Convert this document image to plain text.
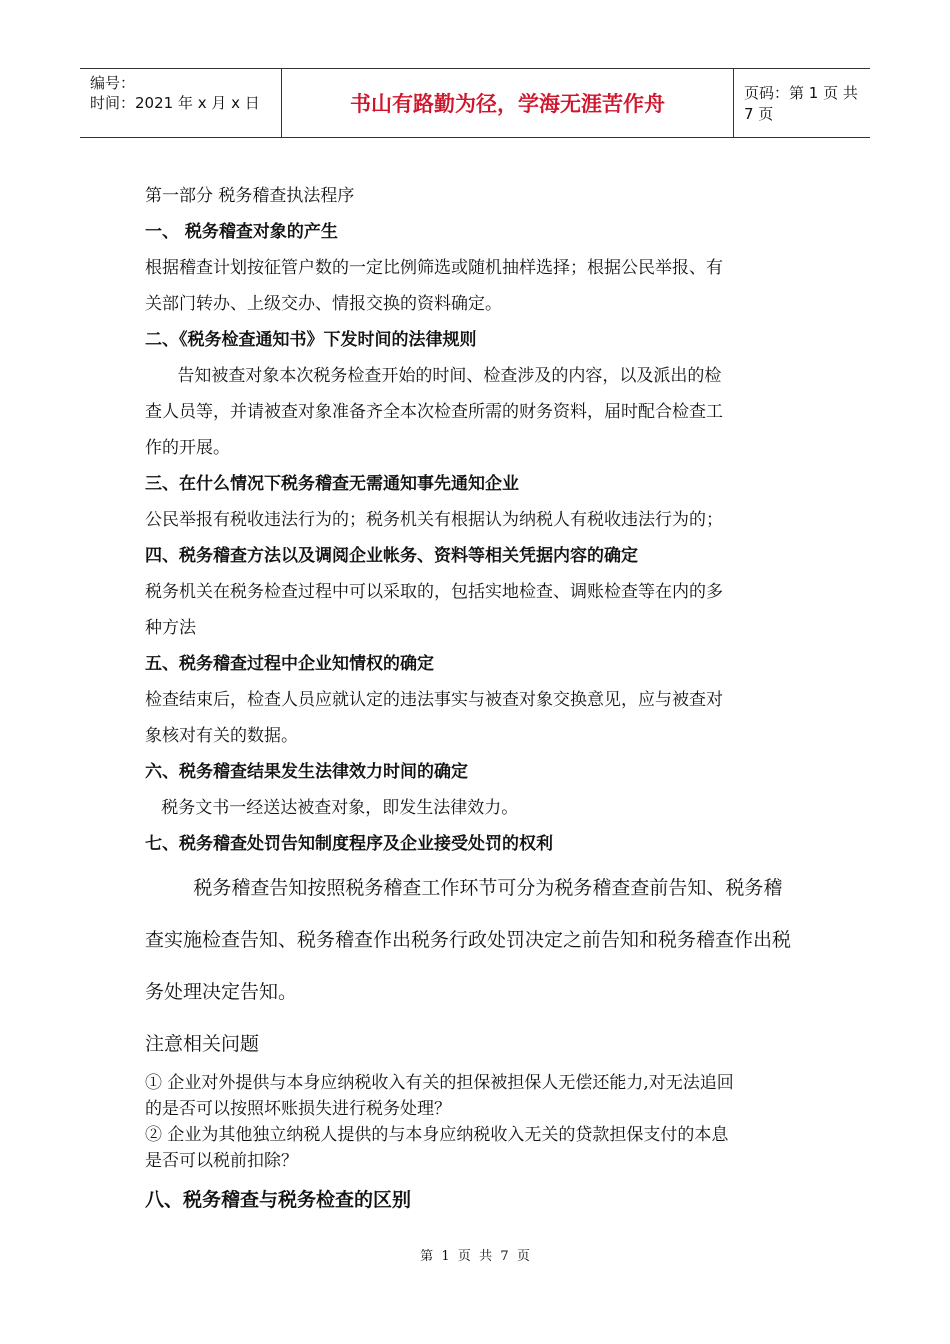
编号：
时间：2021 年 x 月 x 日	书山有路勤为径，学海无涯苦作舟	页码：第 1 页 共 7 页
第一部分 税务稽查执法程序
一、 税务稽查对象的产生
根据稽查计划按征管户数的一定比例筛选或随机抽样选择；根据公民举报、有
关部门转办、上级交办、情报交换的资料确定。
二、《税务检查通知书》下发时间的法律规则
告知被查对象本次税务检查开始的时间、检查涉及的内容，以及派出的检
查人员等，并请被查对象准备齐全本次检查所需的财务资料，届时配合检查工
作的开展。
三、在什么情况下税务稽查无需通知事先通知企业
公民举报有税收违法行为的；税务机关有根据认为纳税人有税收违法行为的；
四、税务稽查方法以及调阅企业帐务、资料等相关凭据内容的确定
税务机关在税务检查过程中可以采取的，包括实地检查、调账检查等在内的多
种方法
五、税务稽查过程中企业知情权的确定
检查结束后，检查人员应就认定的违法事实与被查对象交换意见，应与被查对
象核对有关的数据。
六、税务稽查结果发生法律效力时间的确定
税务文书一经送达被查对象，即发生法律效力。
七、税务稽查处罚告知制度程序及企业接受处罚的权利
税务稽查告知按照税务稽查工作环节可分为税务稽查查前告知、税务稽
查实施检查告知、税务稽查作出税务行政处罚决定之前告知和税务稽查作出税
务处理决定告知。
注意相关问题
① 企业对外提供与本身应纳税收入有关的担保被担保人无偿还能力,对无法追回
的是否可以按照坏账损失进行税务处理？
② 企业为其他独立纳税人提供的与本身应纳税收入无关的贷款担保支付的本息
是否可以税前扣除？
八、税务稽查与税务检查的区别
第  1  页  共  7  页
